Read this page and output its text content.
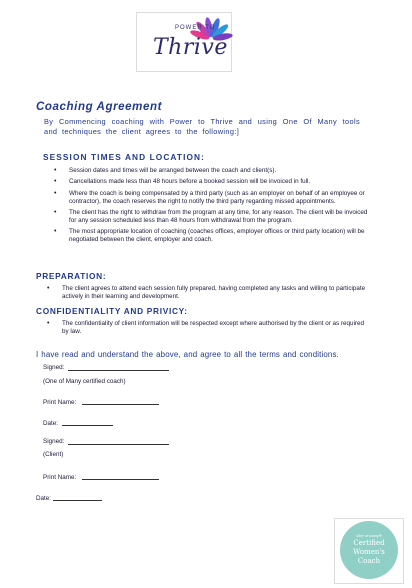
POWER TO
Thrive
Coaching Agreement

By Commencing coaching with Power to Thrive and using One Of Many tools and techniques the client agrees to the following:]

SESSION TIMES AND LOCATION:
• Session dates and times will be arranged between the coach and client(s).
• Cancellations made less than 48 hours before a booked session will be invoiced in full.
• Where the coach is being compensated by a third party (such as an employer on behalf of an employee or contractor), the coach reserves the right to notify the third party regarding missed appointments.
• The client has the right to withdraw from the program at any time, for any reason. The client will be invoiced for any session scheduled less than 48 hours from withdrawal from the program.
• The most appropriate location of coaching (coaches offices, employer offices or third party location) will be negotiated between the client, employer and coach.
PREPARATION:
• The client agrees to attend each session fully prepared, having completed any tasks and willing to participate actively in their learning and development.
CONFIDENTIALITY AND PRIVICY:
• The confidentiality of client information will be respected except where authorised by the client or as required by law.

I have read and understand the above, and agree to all the terms and conditions.

Signed:
(One of Many certified coach)
Print Name:
Date:
Signed:
(Client)
Print Name:
Date:
One of many®
Certified
Women's
Coach
